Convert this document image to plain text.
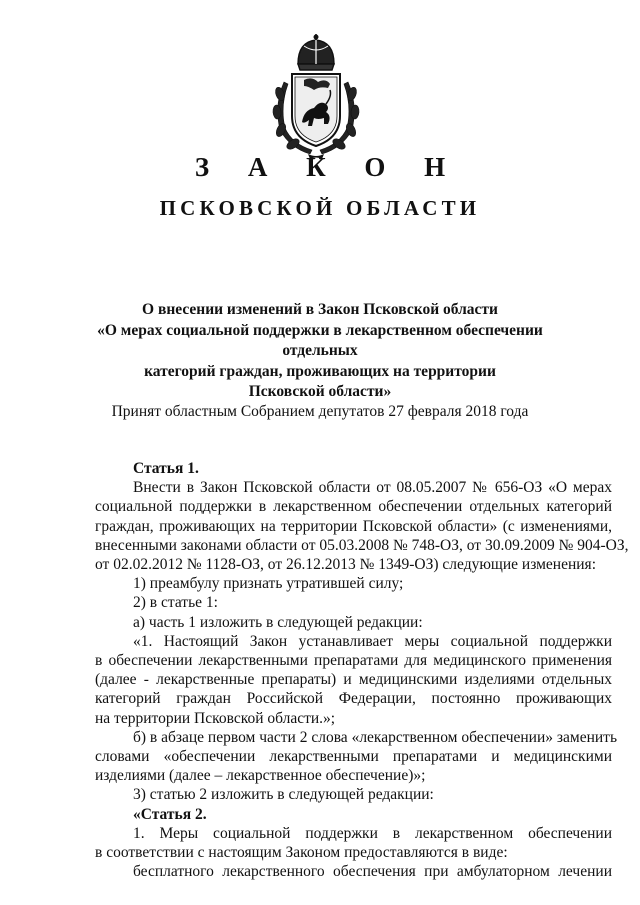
З А К О Н
ПСКОВСКОЙ ОБЛАСТИ
О внесении изменений в Закон Псковской области
«О мерах социальной поддержки в лекарственном обеспечении отдельных
категорий граждан, проживающих на территории
Псковской области»

Принят областным Собранием депутатов 27 февраля 2018 года

Статья 1.

Внести в Закон Псковской области от 08.05.2007 № 656-ОЗ «О мерах

социальной поддержки в лекарственном обеспечении отдельных категорий

граждан, проживающих на территории Псковской области» (с изменениями,

внесенными законами области от 05.03.2008 № 748-ОЗ, от 30.09.2009 № 904-ОЗ,

от 02.02.2012 № 1128-ОЗ, от 26.12.2013 № 1349-ОЗ) следующие изменения:

1) преамбулу признать утратившей силу;

2) в статье 1:

а) часть 1 изложить в следующей редакции:

«1. Настоящий Закон устанавливает меры социальной поддержки

в обеспечении лекарственными препаратами для медицинского применения

(далее - лекарственные препараты) и медицинскими изделиями отдельных

категорий граждан Российской Федерации, постоянно проживающих

на территории Псковской области.»;

б) в абзаце первом части 2 слова «лекарственном обеспечении» заменить

словами «обеспечении лекарственными препаратами и медицинскими

изделиями (далее – лекарственное обеспечение)»;

3) статью 2 изложить в следующей редакции:

«Статья 2.

1. Меры социальной поддержки в лекарственном обеспечении

в соответствии с настоящим Законом предоставляются в виде:

бесплатного лекарственного обеспечения при амбулаторном лечении
